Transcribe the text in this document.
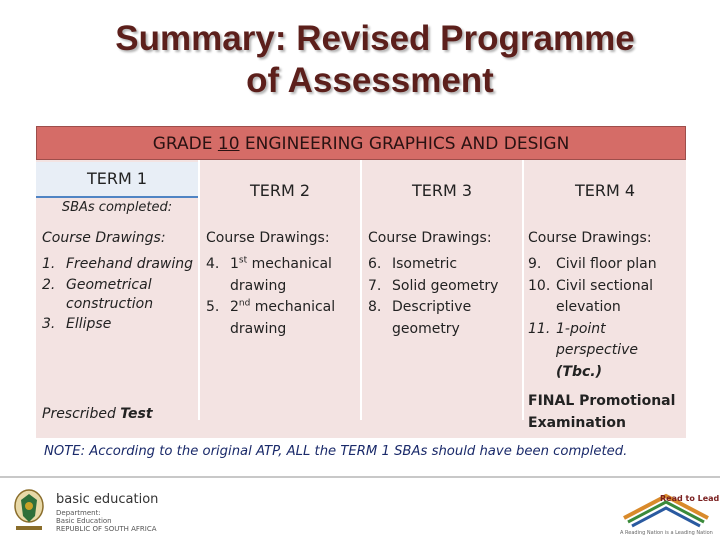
Summary: Revised Programme
of Assessment
GRADE 10 ENGINEERING GRAPHICS AND DESIGN
TERM 1
SBAs completed:
Course Drawings:
1. Freehand drawing
2. Geometrical construction
3. Ellipse
TERM 2
Course Drawings:
4. 1st mechanical drawing
5. 2nd mechanical drawing
TERM 3
Course Drawings:
6. Isometric
7. Solid geometry
8. Descriptive geometry
TERM 4
Course Drawings:
9. Civil floor plan
10. Civil sectional elevation
11. 1-point perspective
(Tbc.)
Prescribed Test
FINAL Promotional Examination
NOTE: According to the original ATP, ALL the TERM 1 SBAs should have been completed.
basic education
Department:
Basic Education
REPUBLIC OF SOUTH AFRICA
Read to Lead
A Reading Nation is a Leading Nation
